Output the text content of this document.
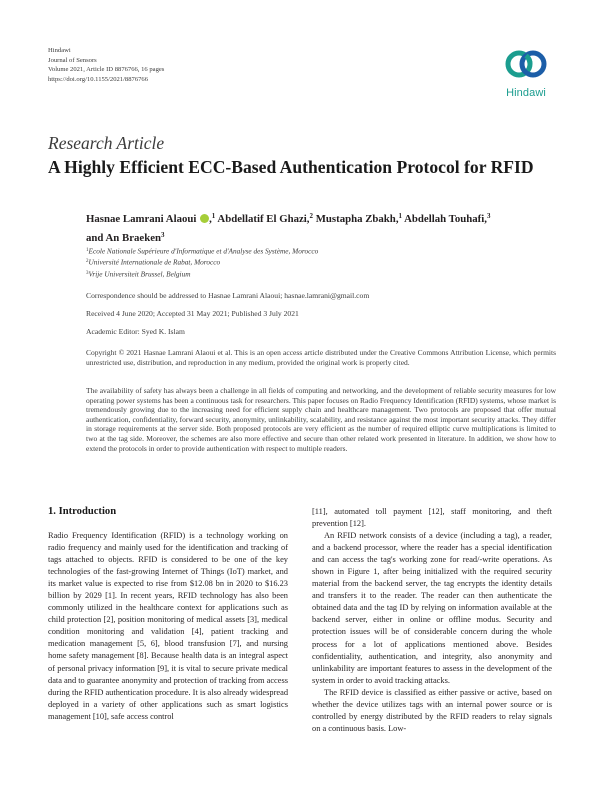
Hindawi
Journal of Sensors
Volume 2021, Article ID 8876766, 16 pages
https://doi.org/10.1155/2021/8876766
Hindawi
Research Article
A Highly Efficient ECC-Based Authentication Protocol for RFID
Hasnae Lamrani Alaoui ,$^1$ Abdellatif El Ghazi,$^2$ Mustapha Zbakh,$^1$ Abdellah Touhafi,$^3$
and An Braeken$^3$
$^1$Ecole Nationale Supérieure d'Informatique et d'Analyse des Système, Morocco
$^2$Université Internationale de Rabat, Morocco
$^3$Vrije Universiteit Brussel, Belgium
Correspondence should be addressed to Hasnae Lamrani Alaoui; hasnae.lamrani@gmail.com
Received 4 June 2020; Accepted 31 May 2021; Published 3 July 2021
Academic Editor: Syed K. Islam
Copyright © 2021 Hasnae Lamrani Alaoui et al. This is an open access article distributed under the Creative Commons Attribution License, which permits unrestricted use, distribution, and reproduction in any medium, provided the original work is properly cited.
The availability of safety has always been a challenge in all fields of computing and networking, and the development of reliable security measures for low operating power systems has been a continuous task for researchers. This paper focuses on Radio Frequency Identification (RFID) systems, whose market is tremendously growing due to the increasing need for efficient supply chain and healthcare management. Two protocols are proposed that offer mutual authentication, confidentiality, forward security, anonymity, unlinkability, scalability, and resistance against the most important security attacks. They differ in storage requirements at the server side. Both proposed protocols are very efficient as the number of required elliptic curve multiplications is limited to two at the tag side. Moreover, the schemes are also more effective and secure than other related work presented in literature. In addition, we show how to extend the protocols in order to provide authentication with respect to multiple readers.
1. Introduction

Radio Frequency Identification (RFID) is a technology working on radio frequency and mainly used for the identification and tracking of tags attached to objects. RFID is considered to be one of the key technologies of the fast-growing Internet of Things (IoT) market, and its market value is expected to rise from $12.08 bn in 2020 to $16.23 billion by 2029 [1]. In recent years, RFID technology has also been commonly utilized in the healthcare context for applications such as child protection [2], position monitoring of medical assets [3], medical condition monitoring and validation [4], patient tracking and medication management [5, 6], blood transfusion [7], and nursing home safety management [8]. Because health data is an integral aspect of personal privacy information [9], it is vital to secure private medical data and to guarantee anonymity and protection of tracking from access during the RFID authentication procedure. It is also already widespread deployed in a variety of other applications such as smart logistics management [10], safe access control

[11], automated toll payment [12], staff monitoring, and theft prevention [12].

An RFID network consists of a device (including a tag), a reader, and a backend processor, where the reader has a special identification and can access the tag's working zone for read/-write operations. As shown in Figure 1, after being initialized with the required security material from the backend server, the tag encrypts the identity details and transfers it to the reader. The reader can then authenticate the obtained data and the tag ID by relying on information available at the backend server, either in online or offline modus. Security and protection issues will be of considerable concern during the whole process for a lot of applications mentioned above. Besides confidentiality, authentication, and integrity, also anonymity and unlinkability are important features to assess in the development of the system in order to avoid tracking attacks.

The RFID device is classified as either passive or active, based on whether the device utilizes tags with an internal power source or is controlled by energy distributed by the RFID readers to relay signals on a continuous basis. Low-
